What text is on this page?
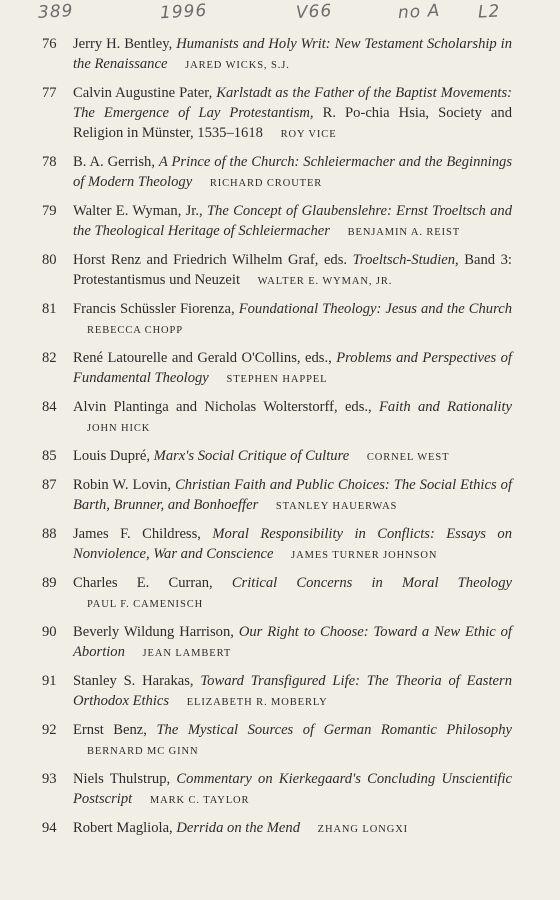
389	1996	V66	no A L2
76	Jerry H. Bentley, Humanists and Holy Writ: New Testament Scholarship in the Renaissance JARED WICKS, S.J.
77	Calvin Augustine Pater, Karlstadt as the Father of the Baptist Movements: The Emergence of Lay Protestantism, R. Po-chia Hsia, Society and Religion in Münster, 1535–1618 ROY VICE
78	B. A. Gerrish, A Prince of the Church: Schleiermacher and the Beginnings of Modern Theology RICHARD CROUTER
79	Walter E. Wyman, Jr., The Concept of Glaubenslehre: Ernst Troeltsch and the Theological Heritage of Schleiermacher BENJAMIN A. REIST
80	Horst Renz and Friedrich Wilhelm Graf, eds. Troeltsch-Studien, Band 3: Protestantismus und Neuzeit WALTER E. WYMAN, JR.
81	Francis Schüssler Fiorenza, Foundational Theology: Jesus and the Church REBECCA CHOPP
82	René Latourelle and Gerald O'Collins, eds., Problems and Perspectives of Fundamental Theology STEPHEN HAPPEL
84	Alvin Plantinga and Nicholas Wolterstorff, eds., Faith and Rationality JOHN HICK
85	Louis Dupré, Marx's Social Critique of Culture CORNEL WEST
87	Robin W. Lovin, Christian Faith and Public Choices: The Social Ethics of Barth, Brunner, and Bonhoeffer STANLEY HAUERWAS
88	James F. Childress, Moral Responsibility in Conflicts: Essays on Nonviolence, War and Conscience JAMES TURNER JOHNSON
89	Charles E. Curran, Critical Concerns in Moral Theology PAUL F. CAMENISCH
90	Beverly Wildung Harrison, Our Right to Choose: Toward a New Ethic of Abortion JEAN LAMBERT
91	Stanley S. Harakas, Toward Transfigured Life: The Theoria of Eastern Orthodox Ethics ELIZABETH R. MOBERLY
92	Ernst Benz, The Mystical Sources of German Romantic Philosophy BERNARD MC GINN
93	Niels Thulstrup, Commentary on Kierkegaard's Concluding Unscientific Postscript MARK C. TAYLOR
94	Robert Magliola, Derrida on the Mend ZHANG LONGXI
